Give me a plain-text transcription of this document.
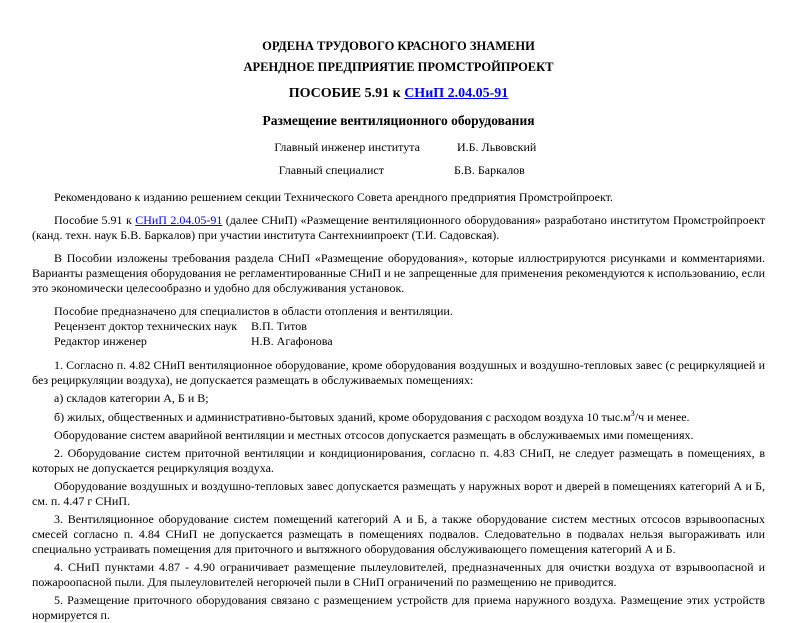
ОРДЕНА ТРУДОВОГО КРАСНОГО ЗНАМЕНИ
АРЕНДНОЕ ПРЕДПРИЯТИЕ ПРОМСТРОЙПРОЕКТ
ПОСОБИЕ 5.91 к СНиП 2.04.05-91
Размещение вентиляционного оборудования
Главный инженер института	И.Б. Львовский
Главный специалист	Б.В. Баркалов

Рекомендовано к изданию решением секции Технического Совета арендного предприятия Промстройпроект.

Пособие 5.91 к СНиП 2.04.05-91 (далее СНиП) «Размещение вентиляционного оборудования» разработано институтом Промстройпроект (канд. техн. наук Б.В. Баркалов) при участии института Сантехниипроект (Т.И. Садовская).

В Пособии изложены требования раздела СНиП «Размещение оборудования», которые иллюстрируются рисунками и комментариями. Варианты размещения оборудования не регламентированные СНиП и не запрещенные для применения рекомендуются к использованию, если это экономически целесообразно и удобно для обслуживания установок.

Пособие предназначено для специалистов в области отопления и вентиляции.

Рецензент доктор технических наук	В.П. Титов
Редактор инженер	Н.В. Агафонова

1. Согласно п. 4.82 СНиП вентиляционное оборудование, кроме оборудования воздушных и воздушно-тепловых завес (с рециркуляцией и без рециркуляции воздуха), не допускается размещать в обслуживаемых помещениях:

а) складов категории А, Б и В;

б) жилых, общественных и административно-бытовых зданий, кроме оборудования с расходом воздуха 10 $тыс.м^3/ч$ и менее.

Оборудование систем аварийной вентиляции и местных отсосов допускается размещать в обслуживаемых ими помещениях.

2. Оборудование систем приточной вентиляции и кондиционирования, согласно п. 4.83 СНиП, не следует размещать в помещениях, в которых не допускается рециркуляция воздуха.

Оборудование воздушных и воздушно-тепловых завес допускается размещать у наружных ворот и дверей в помещениях категорий А и Б, см. п. 4.47 г СНиП.

3. Вентиляционное оборудование систем помещений категорий А и Б, а также оборудование систем местных отсосов взрывоопасных смесей согласно п. 4.84 СНиП не допускается размещать в помещениях подвалов. Следовательно в подвалах нельзя выгораживать или специально устраивать помещения для приточного и вытяжного оборудования обслуживающего помещения категорий А и Б.

4. СНиП пунктами 4.87 - 4.90 ограничивает размещение пылеуловителей, предназначенных для очистки воздуха от взрывоопасной и пожароопасной пыли. Для пылеуловителей негорючей пыли в СНиП ограничений по размещению не приводится.

5. Размещение приточного оборудования связано с размещением устройств для приема наружного воздуха. Размещение этих устройств нормируется п.
